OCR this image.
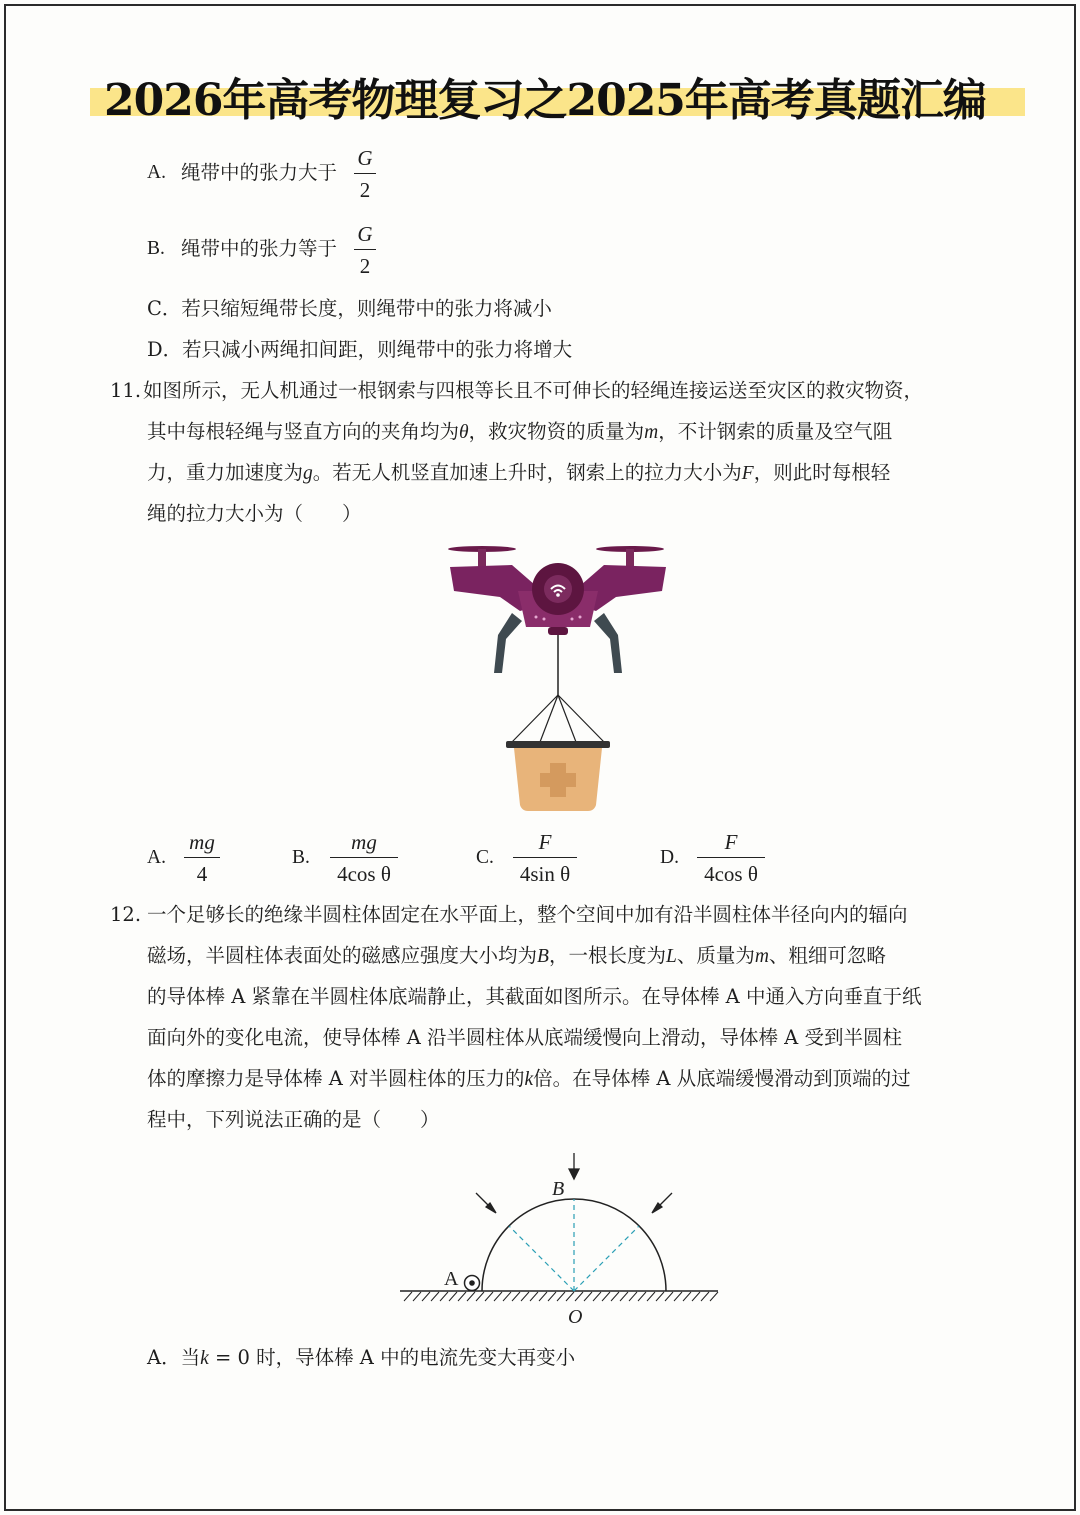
2026年高考物理复习之2025年高考真题汇编
A. 绳带中的张力大于
G
2
B. 绳带中的张力等于
G
2
C．若只缩短绳带长度，则绳带中的张力将减小
D．若只减小两绳扣间距，则绳带中的张力将增大
11. 如图所示，无人机通过一根钢索与四根等长且不可伸长的轻绳连接运送至灾区的救灾物资，
其中每根轻绳与竖直方向的夹角均为θ，救灾物资的质量为m，不计钢索的质量及空气阻
力，重力加速度为g。若无人机竖直加速上升时，钢索上的拉力大小为F，则此时每根轻
绳的拉力大小为（　　）
A.
mg
4
B.
mg
4cos θ
C.
F
4sin θ
D.
F
4cos θ
12. 一个足够长的绝缘半圆柱体固定在水平面上，整个空间中加有沿半圆柱体半径向内的辐向
磁场，半圆柱体表面处的磁感应强度大小均为B，一根长度为L、质量为m、粗细可忽略
的导体棒 A 紧靠在半圆柱体底端静止，其截面如图所示。在导体棒 A 中通入方向垂直于纸
面向外的变化电流，使导体棒 A 沿半圆柱体从底端缓慢向上滑动，导体棒 A 受到半圆柱
体的摩擦力是导体棒 A 对半圆柱体的压力的k倍。在导体棒 A 从底端缓慢滑动到顶端的过
程中，下列说法正确的是（　　）
B
A
O
A．当k = 0 时，导体棒 A 中的电流先变大再变小
